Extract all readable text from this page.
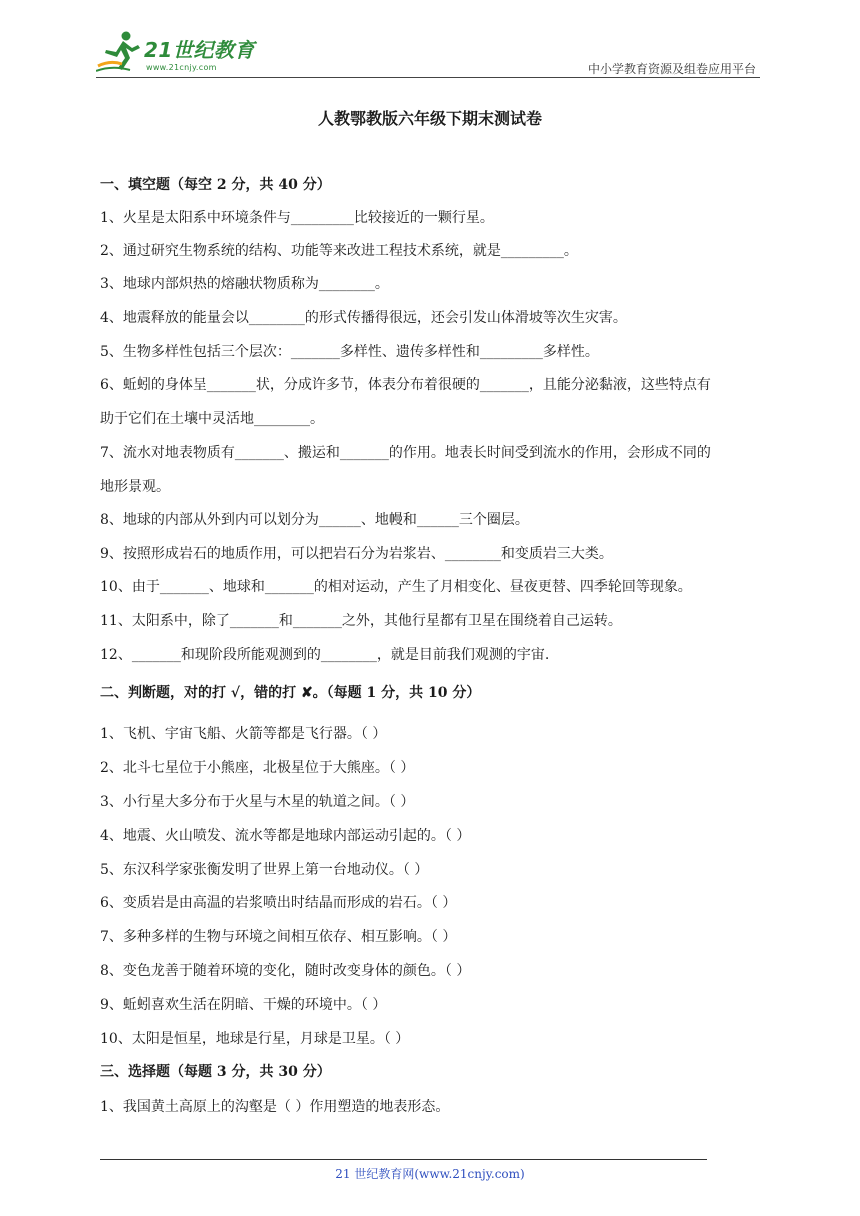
21世纪教育
www.21cnjy.com	中小学教育资源及组卷应用平台
人教鄂教版六年级下期末测试卷
一、填空题（每空 2 分，共 40 分）
1、火星是太阳系中环境条件与_________比较接近的一颗行星。
2、通过研究生物系统的结构、功能等来改进工程技术系统，就是_________。
3、地球内部炽热的熔融状物质称为________。
4、地震释放的能量会以________的形式传播得很远，还会引发山体滑坡等次生灾害。
5、生物多样性包括三个层次：_______多样性、遗传多样性和_________多样性。
6、蚯蚓的身体呈_______状，分成许多节，体表分布着很硬的_______，且能分泌黏液，这些特点有
助于它们在土壤中灵活地________。
7、流水对地表物质有_______、搬运和_______的作用。地表长时间受到流水的作用，会形成不同的
地形景观。
8、地球的内部从外到内可以划分为______、地幔和______三个圈层。
9、按照形成岩石的地质作用，可以把岩石分为岩浆岩、________和变质岩三大类。
10、由于_______、地球和_______的相对运动，产生了月相变化、昼夜更替、四季轮回等现象。
11、太阳系中，除了_______和_______之外，其他行星都有卫星在围绕着自己运转。
12、_______和现阶段所能观测到的________，就是目前我们观测的宇宙.
二、判断题，对的打 √，错的打 ✘。（每题 1 分，共 10 分）
1、飞机、宇宙飞船、火箭等都是飞行器。（ ）
2、北斗七星位于小熊座，北极星位于大熊座。（ ）
3、小行星大多分布于火星与木星的轨道之间。（ ）
4、地震、火山喷发、流水等都是地球内部运动引起的。（ ）
5、东汉科学家张衡发明了世界上第一台地动仪。（ ）
6、变质岩是由高温的岩浆喷出时结晶而形成的岩石。（ ）
7、多种多样的生物与环境之间相互依存、相互影响。（ ）
8、变色龙善于随着环境的变化，随时改变身体的颜色。（ ）
9、蚯蚓喜欢生活在阴暗、干燥的环境中。（ ）
10、太阳是恒星，地球是行星，月球是卫星。（ ）
三、选择题（每题 3 分，共 30 分）
1、我国黄土高原上的沟壑是（ ）作用塑造的地表形态。
21 世纪教育网(www.21cnjy.com)
